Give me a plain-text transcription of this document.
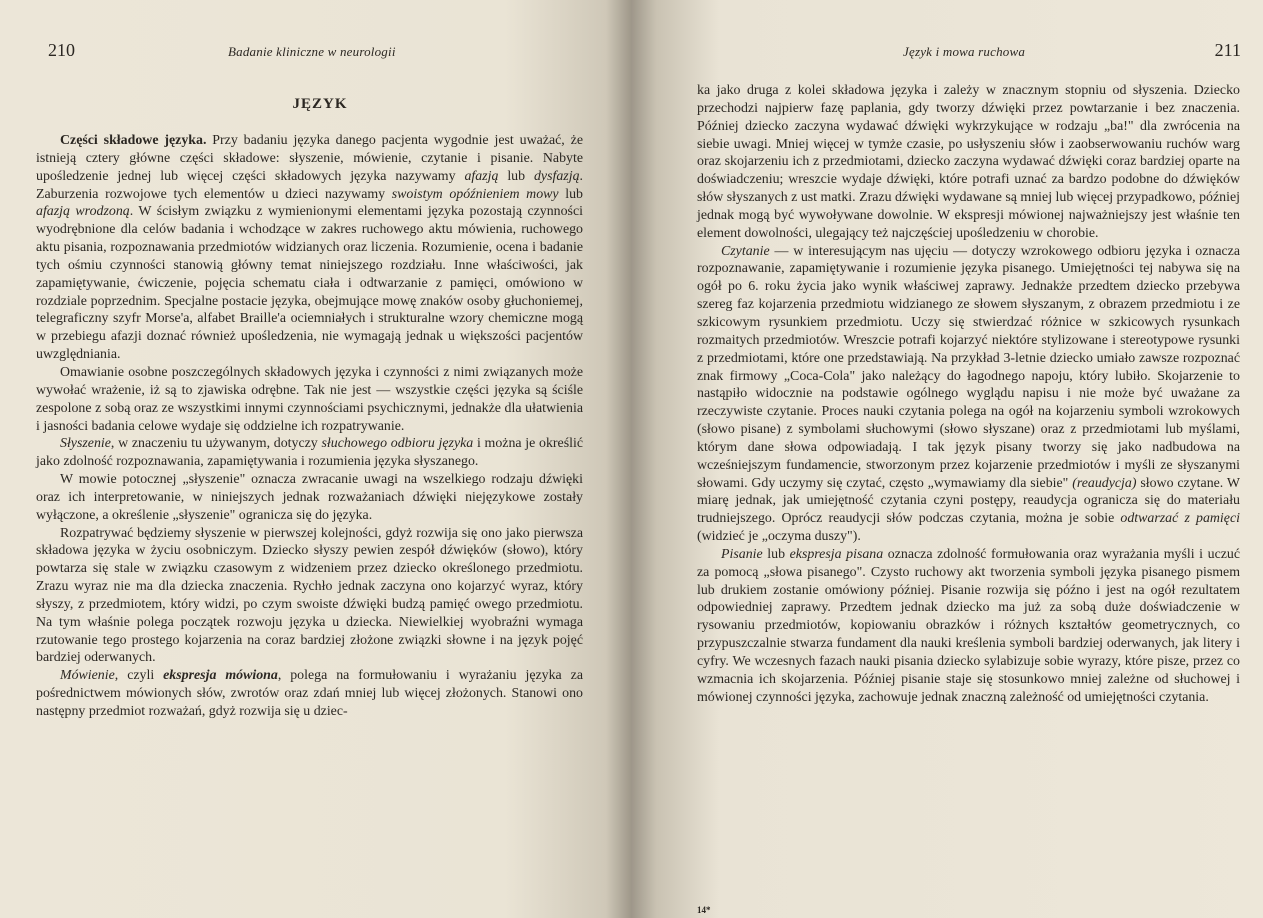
210	Badanie kliniczne w neurologii
JĘZYK

Części składowe języka. Przy badaniu języka danego pacjenta wygodnie jest uważać, że istnieją cztery główne części składowe: słyszenie, mówienie, czytanie i pisanie. Nabyte upośledzenie jednej lub więcej części składowych języka nazywamy afazją lub dysfazją. Zaburzenia rozwojowe tych elementów u dzieci nazywamy swoistym opóźnieniem mowy lub afazją wrodzoną. W ścisłym związku z wymienionymi elementami języka pozostają czynności wyodrębnione dla celów badania i wchodzące w zakres ruchowego aktu mówienia, ruchowego aktu pisania, rozpoznawania przedmiotów widzianych oraz liczenia. Rozumienie, ocena i badanie tych ośmiu czynności stanowią główny temat niniejszego rozdziału. Inne właściwości, jak zapamiętywanie, ćwiczenie, pojęcia schematu ciała i odtwarzanie z pamięci, omówiono w rozdziale poprzednim. Specjalne postacie języka, obejmujące mowę znaków osoby głuchoniemej, telegraficzny szyfr Morse'a, alfabet Braille'a ociemniałych i strukturalne wzory chemiczne mogą w przebiegu afazji doznać również upośledzenia, nie wymagają jednak u większości pacjentów uwzględniania.

Omawianie osobne poszczególnych składowych języka i czynności z nimi związanych może wywołać wrażenie, iż są to zjawiska odrębne. Tak nie jest — wszystkie części języka są ściśle zespolone z sobą oraz ze wszystkimi innymi czynnościami psychicznymi, jednakże dla ułatwienia i jasności badania celowe wydaje się oddzielne ich rozpatrywanie.

Słyszenie, w znaczeniu tu używanym, dotyczy słuchowego odbioru języka i można je określić jako zdolność rozpoznawania, zapamiętywania i rozumienia języka słyszanego.

W mowie potocznej „słyszenie" oznacza zwracanie uwagi na wszelkiego rodzaju dźwięki oraz ich interpretowanie, w niniejszych jednak rozważaniach dźwięki niejęzykowe zostały wyłączone, a określenie „słyszenie" ogranicza się do języka.

Rozpatrywać będziemy słyszenie w pierwszej kolejności, gdyż rozwija się ono jako pierwsza składowa języka w życiu osobniczym. Dziecko słyszy pewien zespół dźwięków (słowo), który powtarza się stale w związku czasowym z widzeniem przez dziecko określonego przedmiotu. Zrazu wyraz nie ma dla dziecka znaczenia. Rychło jednak zaczyna ono kojarzyć wyraz, który słyszy, z przedmiotem, który widzi, po czym swoiste dźwięki budzą pamięć owego przedmiotu. Na tym właśnie polega początek rozwoju języka u dziecka. Niewielkiej wyobraźni wymaga rzutowanie tego prostego kojarzenia na coraz bardziej złożone związki słowne i na język pojęć bardziej oderwanych.

Mówienie, czyli ekspresja mówiona, polega na formułowaniu i wyrażaniu języka za pośrednictwem mówionych słów, zwrotów oraz zdań mniej lub więcej złożonych. Stanowi ono następny przedmiot rozważań, gdyż rozwija się u dziec-

Język i mowa ruchowa	211

ka jako druga z kolei składowa języka i zależy w znacznym stopniu od słyszenia. Dziecko przechodzi najpierw fazę paplania, gdy tworzy dźwięki przez powtarzanie i bez znaczenia. Później dziecko zaczyna wydawać dźwięki wykrzykujące w rodzaju „ba!" dla zwrócenia na siebie uwagi. Mniej więcej w tymże czasie, po usłyszeniu słów i zaobserwowaniu ruchów warg oraz skojarzeniu ich z przedmiotami, dziecko zaczyna wydawać dźwięki coraz bardziej oparte na doświadczeniu; wreszcie wydaje dźwięki, które potrafi uznać za bardzo podobne do dźwięków słów słyszanych z ust matki. Zrazu dźwięki wydawane są mniej lub więcej przypadkowo, później jednak mogą być wywoływane dowolnie. W ekspresji mówionej najważniejszy jest właśnie ten element dowolności, ulegający też najczęściej upośledzeniu w chorobie.

Czytanie — w interesującym nas ujęciu — dotyczy wzrokowego odbioru języka i oznacza rozpoznawanie, zapamiętywanie i rozumienie języka pisanego. Umiejętności tej nabywa się na ogół po 6. roku życia jako wynik właściwej zaprawy. Jednakże przedtem dziecko przebywa szereg faz kojarzenia przedmiotu widzianego ze słowem słyszanym, z obrazem przedmiotu i ze szkicowym rysunkiem przedmiotu. Uczy się stwierdzać różnice w szkicowych rysunkach rozmaitych przedmiotów. Wreszcie potrafi kojarzyć niektóre stylizowane i stereotypowe rysunki z przedmiotami, które one przedstawiają. Na przykład 3-letnie dziecko umiało zawsze rozpoznać znak firmowy „Coca-Cola" jako należący do łagodnego napoju, który lubiło. Skojarzenie to nastąpiło widocznie na podstawie ogólnego wyglądu napisu i nie może być uważane za rzeczywiste czytanie. Proces nauki czytania polega na ogół na kojarzeniu symboli wzrokowych (słowo pisane) z symbolami słuchowymi (słowo słyszane) oraz z przedmiotami lub myślami, którym dane słowa odpowiadają. I tak język pisany tworzy się jako nadbudowa na wcześniejszym fundamencie, stworzonym przez kojarzenie przedmiotów i myśli ze słyszanymi słowami. Gdy uczymy się czytać, często „wymawiamy dla siebie" (reaudycja) słowo czytane. W miarę jednak, jak umiejętność czytania czyni postępy, reaudycja ogranicza się do materiału trudniejszego. Oprócz reaudycji słów podczas czytania, można je sobie odtwarzać z pamięci (widzieć je „oczyma duszy").

Pisanie lub ekspresja pisana oznacza zdolność formułowania oraz wyrażania myśli i uczuć za pomocą „słowa pisanego". Czysto ruchowy akt tworzenia symboli języka pisanego pismem lub drukiem zostanie omówiony później. Pisanie rozwija się późno i jest na ogół rezultatem odpowiedniej zaprawy. Przedtem jednak dziecko ma już za sobą duże doświadczenie w rysowaniu przedmiotów, kopiowaniu obrazków i różnych kształtów geometrycznych, co przypuszczalnie stwarza fundament dla nauki kreślenia symboli bardziej oderwanych, jak litery i cyfry. We wczesnych fazach nauki pisania dziecko sylabizuje sobie wyrazy, które pisze, przez co wzmacnia ich skojarzenia. Później pisanie staje się stosunkowo mniej zależne od słuchowej i mówionej czynności języka, zachowuje jednak znaczną zależność od umiejętności czytania.

14*
